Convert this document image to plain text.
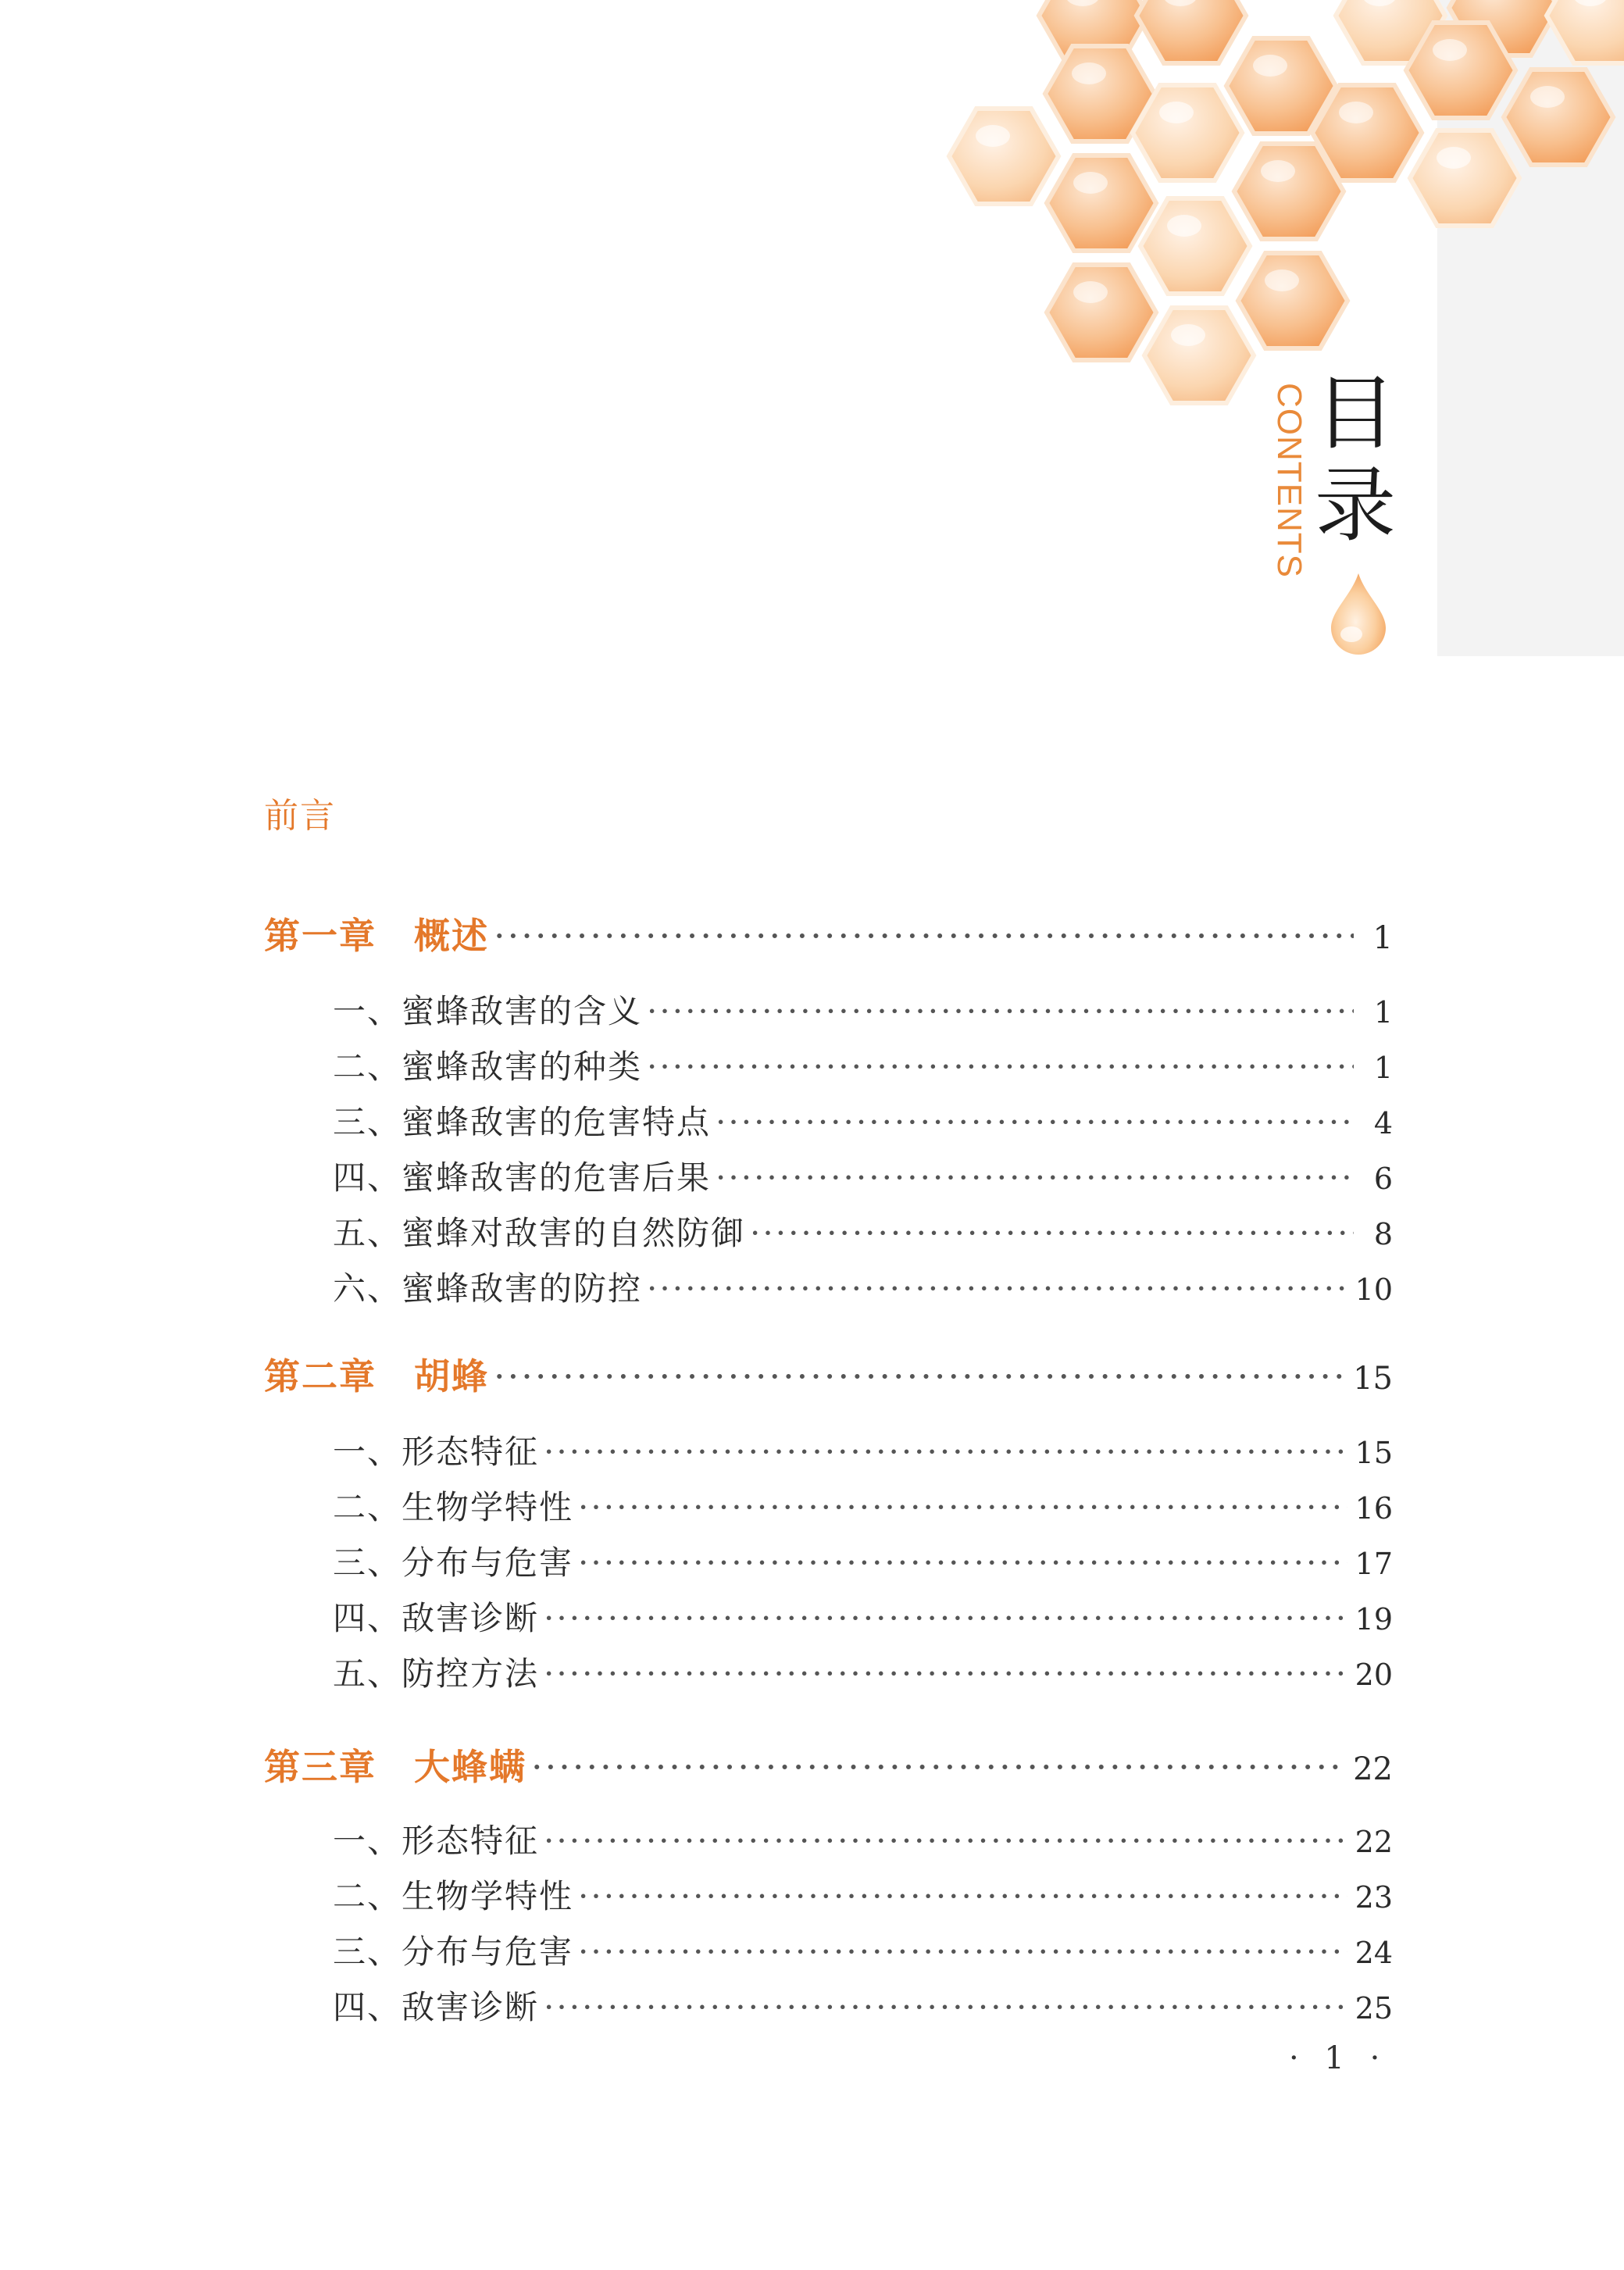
CONTENTS 目
录
前言
第一章 概述 ·····	1
一、蜜蜂敌害的含义 ·····	1
二、蜜蜂敌害的种类 ·····	1
三、蜜蜂敌害的危害特点 ·····	4
四、蜜蜂敌害的危害后果 ·····	6
五、蜜蜂对敌害的自然防御 ·····	8
六、蜜蜂敌害的防控 ·····	10
第二章 胡蜂 ·····	15
一、形态特征 ·····	15
二、生物学特性 ·····	16
三、分布与危害 ·····	17
四、敌害诊断 ·····	19
五、防控方法 ·····	20
第三章 大蜂螨 ·····	22
一、形态特征 ·····	22
二、生物学特性 ·····	23
三、分布与危害 ·····	24
四、敌害诊断 ·····	25
· 1 ·
